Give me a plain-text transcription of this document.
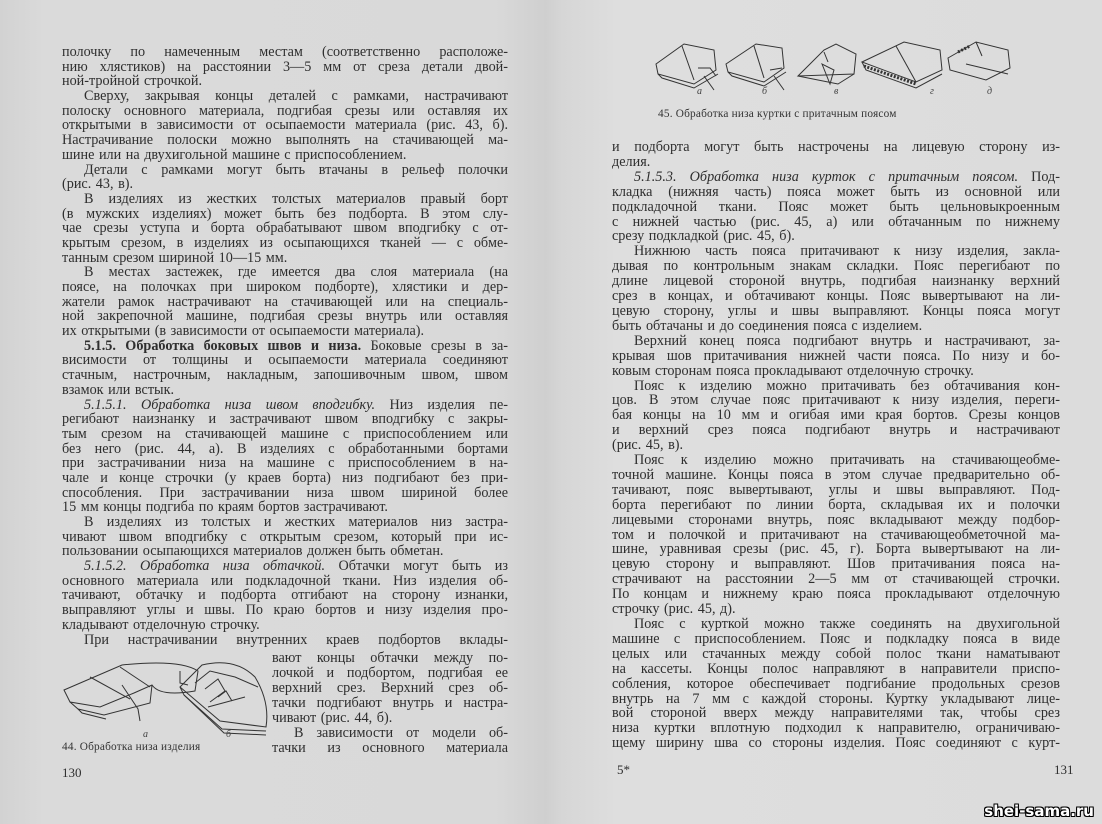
полочку по намеченным местам (соответственно расположе-
нию хлястиков) на расстоянии 3—5 мм от среза детали двой-
ной-тройной строчкой.
Сверху, закрывая концы деталей с рамками, настрачивают
полоску основного материала, подгибая срезы или оставляя их
открытыми в зависимости от осыпаемости материала (рис. 43, б).
Настрачивание полоски можно выполнять на стачивающей ма-
шине или на двухигольной машине с приспособлением.
Детали с рамками могут быть втачаны в рельеф полочки
(рис. 43, в).
В изделиях из жестких толстых материалов правый борт
(в мужских изделиях) может быть без подборта. В этом слу-
чае срезы уступа и борта обрабатывают швом вподгибку с от-
крытым срезом, в изделиях из осыпающихся тканей — с обме-
танным срезом шириной 10—15 мм.
В местах застежек, где имеется два слоя материала (на
поясе, на полочках при широком подборте), хлястики и дер-
жатели рамок настрачивают на стачивающей или на специаль-
ной закрепочной машине, подгибая срезы внутрь или оставляя
их открытыми (в зависимости от осыпаемости материала).
5.1.5. Обработка боковых швов и низа. Боковые срезы в за-
висимости от толщины и осыпаемости материала соединяют
стачным, настрочным, накладным, запошивочным швом, швом
взамок или встык.
5.1.5.1. Обработка низа швом вподгибку. Низ изделия пе-
регибают наизнанку и застрачивают швом вподгибку с закры-
тым срезом на стачивающей машине с приспособлением или
без него (рис. 44, а). В изделиях с обработанными бортами
при застрачивании низа на машине с приспособлением в на-
чале и конце строчки (у краев борта) низ подгибают без при-
способления. При застрачивании низа швом шириной более
15 мм концы подгиба по краям бортов застрачивают.
В изделиях из толстых и жестких материалов низ застра-
чивают швом вподгибку с открытым срезом, который при ис-
пользовании осыпающихся материалов должен быть обметан.
5.1.5.2. Обработка низа обтачкой. Обтачки могут быть из
основного материала или подкладочной ткани. Низ изделия об-
тачивают, обтачку и подборта отгибают на сторону изнанки,
выправляют углы и швы. По краю бортов и низу изделия про-
кладывают отделочную строчку.
При настрачивании внутренних краев подбортов вклады-
а	б
44. Обработка низа изделия
вают концы обтачки между по-
лочкой и подбортом, подгибая ее
верхний срез. Верхний срез об-
тачки подгибают внутрь и настра-
чивают (рис. 44, б).
В зависимости от модели об-
тачки из основного материала
130
а	б	в	г	д
45. Обработка низа куртки с притачным поясом
и подборта могут быть настрочены на лицевую сторону из-
делия.
5.1.5.3. Обработка низа курток с притачным поясом. Под-
кладка (нижняя часть) пояса может быть из основной или
подкладочной ткани. Пояс может быть цельновыкроенным
с нижней частью (рис. 45, а) или обтачанным по нижнему
срезу подкладкой (рис. 45, б).
Нижнюю часть пояса притачивают к низу изделия, закла-
дывая по контрольным знакам складки. Пояс перегибают по
длине лицевой стороной внутрь, подгибая наизнанку верхний
срез в концах, и обтачивают концы. Пояс вывертывают на ли-
цевую сторону, углы и швы выправляют. Концы пояса могут
быть обтачаны и до соединения пояса с изделием.
Верхний конец пояса подгибают внутрь и настрачивают, за-
крывая шов притачивания нижней части пояса. По низу и бо-
ковым сторонам пояса прокладывают отделочную строчку.
Пояс к изделию можно притачивать без обтачивания кон-
цов. В этом случае пояс притачивают к низу изделия, переги-
бая концы на 10 мм и огибая ими края бортов. Срезы концов
и верхний срез пояса подгибают внутрь и настрачивают
(рис. 45, в).
Пояс к изделию можно притачивать на стачивающеобме-
точной машине. Концы пояса в этом случае предварительно об-
тачивают, пояс вывертывают, углы и швы выправляют. Под-
борта перегибают по линии борта, складывая их и полочки
лицевыми сторонами внутрь, пояс вкладывают между подбор-
том и полочкой и притачивают на стачивающеобметочной ма-
шине, уравнивая срезы (рис. 45, г). Борта вывертывают на ли-
цевую сторону и выправляют. Шов притачивания пояса на-
страчивают на расстоянии 2—5 мм от стачивающей строчки.
По концам и нижнему краю пояса прокладывают отделочную
строчку (рис. 45, д).
Пояс с курткой можно также соединять на двухигольной
машине с приспособлением. Пояс и подкладку пояса в виде
целых или стачанных между собой полос ткани наматывают
на кассеты. Концы полос направляют в направители приспо-
собления, которое обеспечивает подгибание продольных срезов
внутрь на 7 мм с каждой стороны. Куртку укладывают лице-
вой стороной вверх между направителями так, чтобы срез
низа куртки вплотную подходил к направителю, ограничиваю-
щему ширину шва со стороны изделия. Пояс соединяют с курт-
5*	131
shei-sama.ru
